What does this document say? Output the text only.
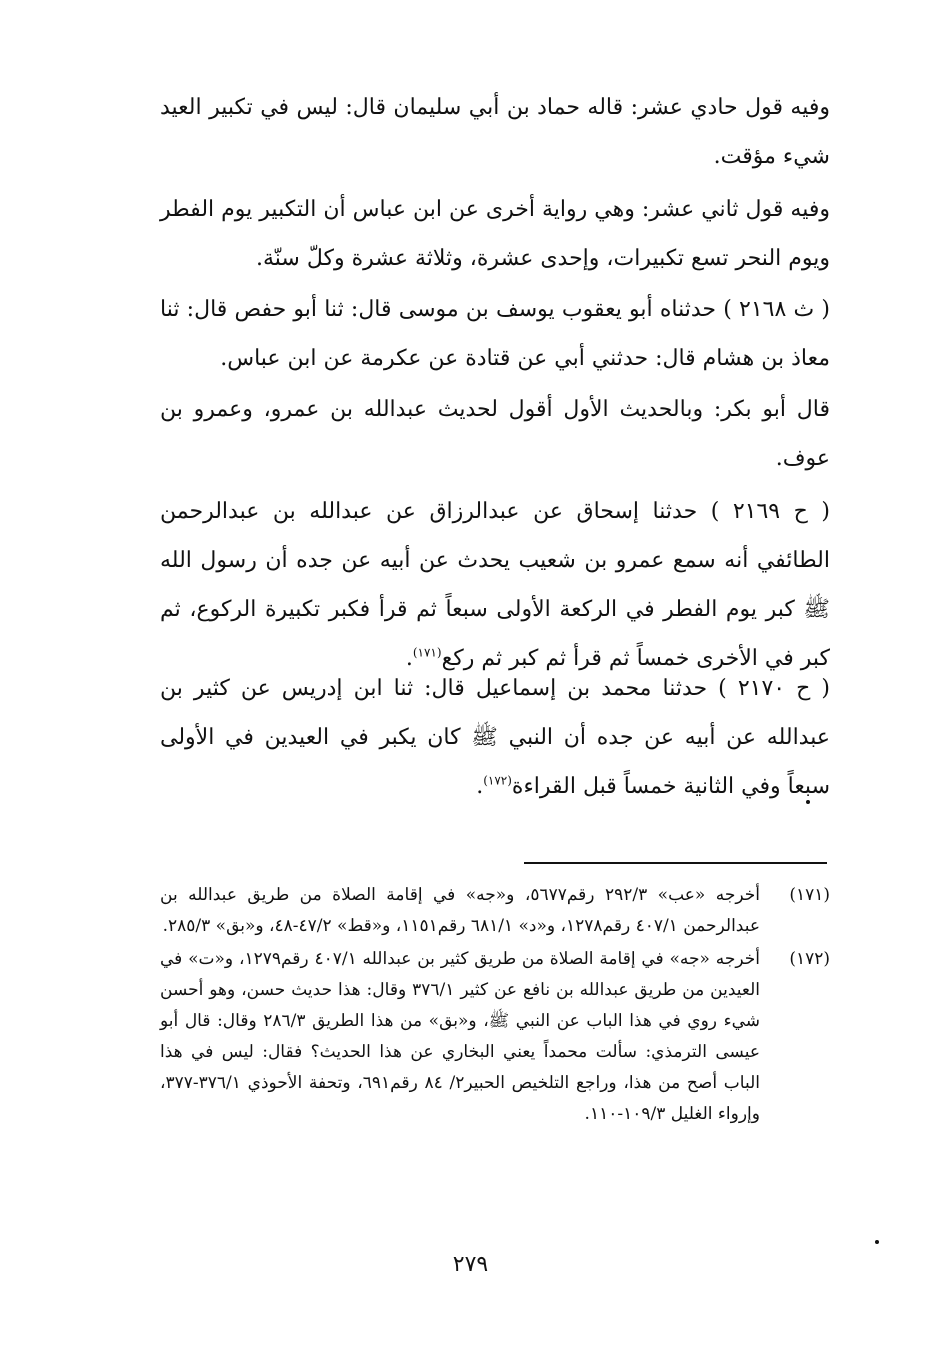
وفيه قول حادي عشر: قاله حماد بن أبي سليمان قال: ليس في تكبير العيد شيء مؤقت.

وفيه قول ثاني عشر: وهي رواية أخرى عن ابن عباس أن التكبير يوم الفطر ويوم النحر تسع تكبيرات، وإحدى عشرة، وثلاثة عشرة وكلّ سنّة.

( ث ٢١٦٨ ) حدثناه أبو يعقوب يوسف بن موسى قال: ثنا أبو حفص قال: ثنا معاذ بن هشام قال: حدثني أبي عن قتادة عن عكرمة عن ابن عباس.

قال أبو بكر: وبالحديث الأول أقول لحديث عبدالله بن عمرو، وعمرو بن عوف.

( ح ٢١٦٩ ) حدثنا إسحاق عن عبدالرزاق عن عبدالله بن عبدالرحمن الطائفي أنه سمع عمرو بن شعيب يحدث عن أبيه عن جده أن رسول الله ﷺ كبر يوم الفطر في الركعة الأولى سبعاً ثم قرأ فكبر تكبيرة الركوع، ثم كبر في الأخرى خمساً ثم قرأ ثم كبر ثم ركع$^{(١٧١)}$.

( ح ٢١٧٠ ) حدثنا محمد بن إسماعيل قال: ثنا ابن إدريس عن كثير بن عبدالله عن أبيه عن جده أن النبي ﷺ كان يكبر في العيدين في الأولى سبعاً وفي الثانية خمساً قبل القراءة$^{(١٧٢)}$.

(١٧١)
أخرجه «عب» ٢٩٢/٣ رقم٥٦٧٧، و«جه» في إقامة الصلاة من طريق عبدالله بن عبدالرحمن ٤٠٧/١ رقم١٢٧٨، و«د» ٦٨١/١ رقم١١٥١، و«قط» ٤٧/٢-٤٨، و«بق» ٢٨٥/٣.
(١٧٢)
أخرجه «جه» في إقامة الصلاة من طريق كثير بن عبدالله ٤٠٧/١ رقم١٢٧٩، و«ت» في العيدين من طريق عبدالله بن نافع عن كثير ٣٧٦/١ وقال: هذا حديث حسن، وهو أحسن شيء روي في هذا الباب عن النبي ﷺ، و«بق» من هذا الطريق ٢٨٦/٣ وقال: قال أبو عيسى الترمذي: سألت محمداً يعني البخاري عن هذا الحديث؟ فقال: ليس في هذا الباب أصح من هذا، وراجع التلخيص الحبير٢/ ٨٤ رقم٦٩١، وتحفة الأحوذي ٣٧٦/١-٣٧٧، وإرواء الغليل ١٠٩/٣-١١٠.
٢٧٩
